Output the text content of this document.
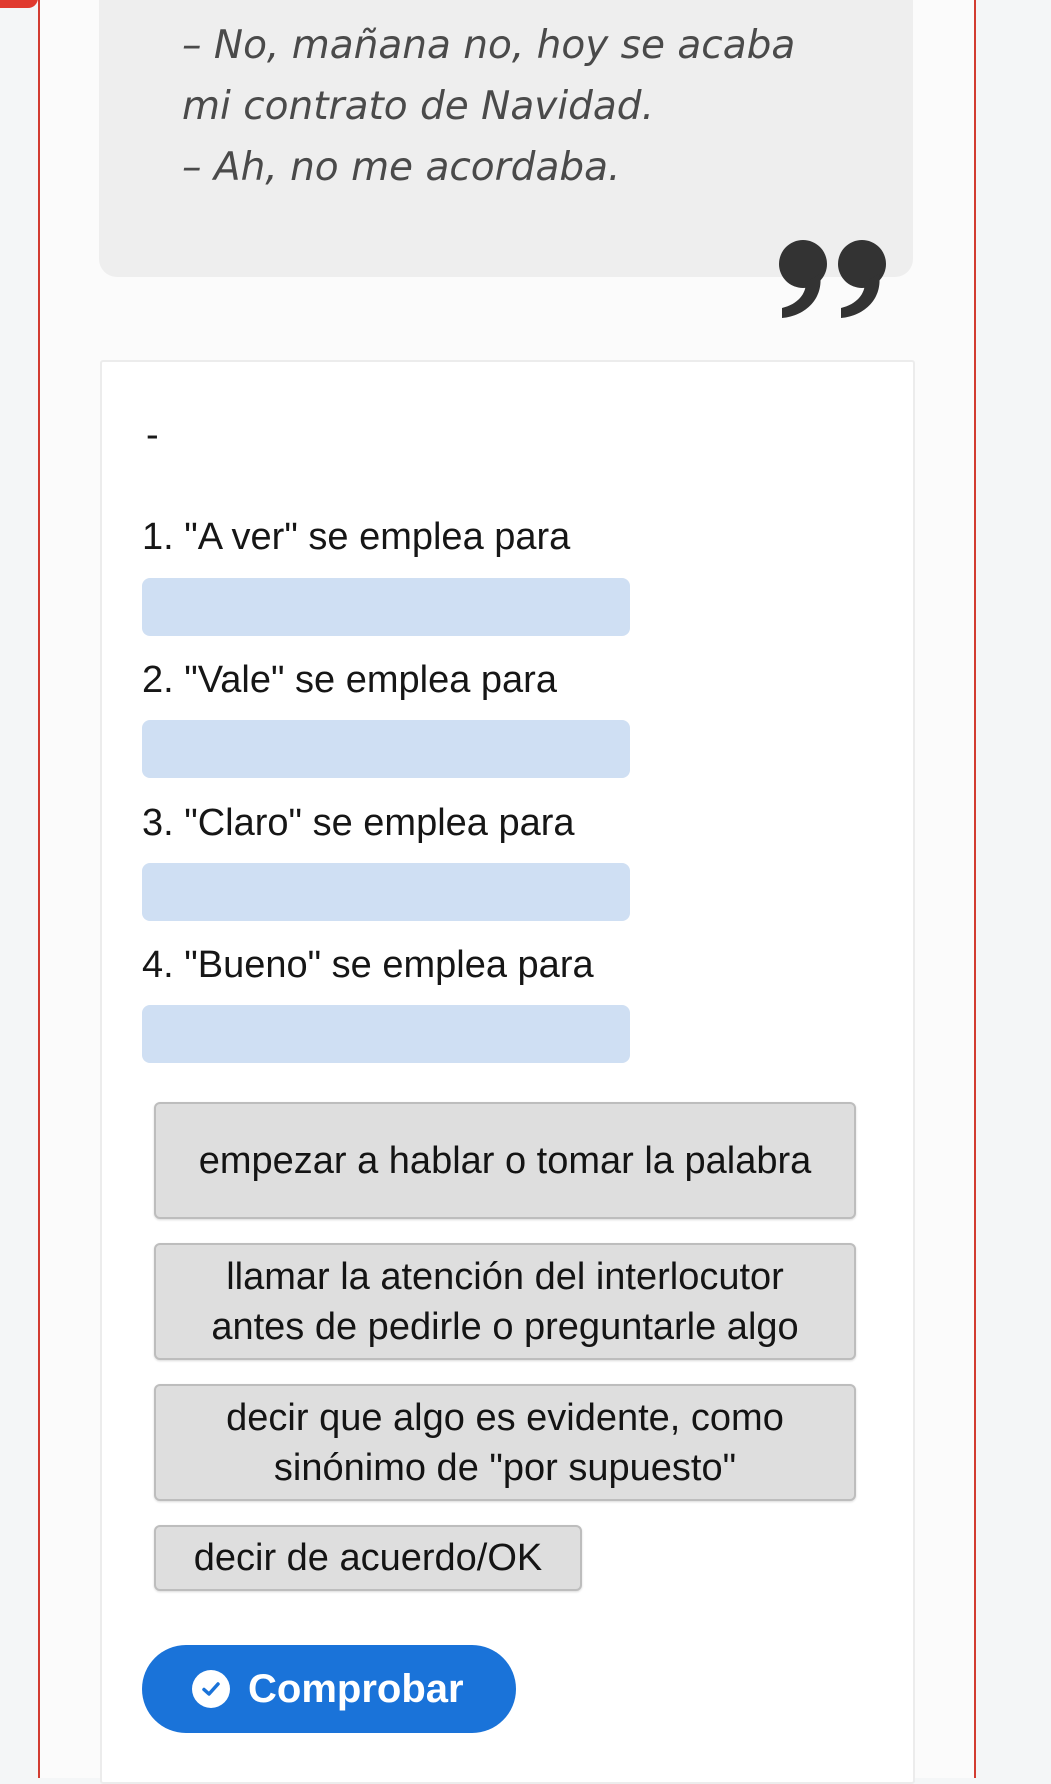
– No, mañana no, hoy se acaba
mi contrato de Navidad.
– Ah, no me acordaba.
-
1. "A ver" se emplea para
2. "Vale" se emplea para
3. "Claro" se emplea para
4. "Bueno" se emplea para
empezar a hablar o tomar la palabra
llamar la atención del interlocutor antes de pedirle o preguntarle algo
decir que algo es evidente, como sinónimo de "por supuesto"
decir de acuerdo/OK
Comprobar
